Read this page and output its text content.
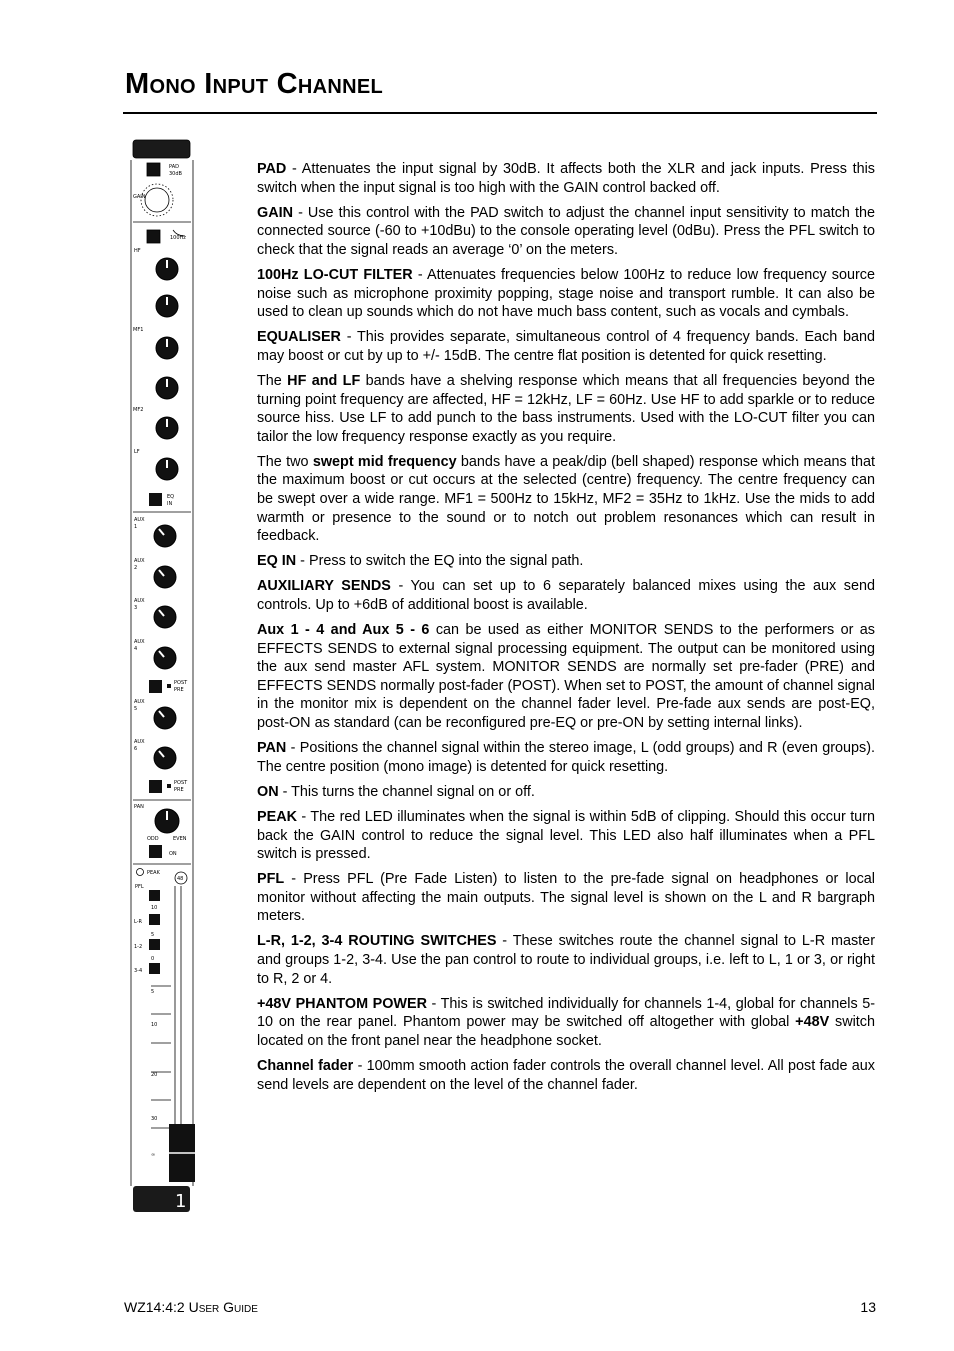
Mono Input Channel
PAD
30dB
GAIN
100Hz
HF
MF1
MF2
LF
EQ
IN
AUX
AUX
AUX
AUX
AUX
AUX
1
2
3
4
5
6
POST
PRE
POST
PRE
PAN
ODD	EVEN
ON
PEAK
PFL
48
L-R
1-2
3-4
10
5
0
5
10
20
30
∞
1

PAD - Attenuates the input signal by 30dB. It affects both the XLR and jack inputs. Press this switch when the input signal is too high with the GAIN control backed off.

GAIN - Use this control with the PAD switch to adjust the channel input sensitivity to match the connected source (-60 to +10dBu) to the console operating level (0dBu). Press the PFL switch to check that the signal reads an average ‘0’ on the meters.

100Hz LO-CUT FILTER - Attenuates frequencies below 100Hz to reduce low frequency source noise such as microphone proximity popping, stage noise and transport rumble. It can also be used to clean up sounds which do not have much bass content, such as vocals and cymbals.

EQUALISER - This provides separate, simultaneous control of 4 frequency bands. Each band may boost or cut by up to +/- 15dB. The centre flat position is detented for quick resetting.

The HF and LF bands have a shelving response which means that all frequencies beyond the turning point frequency are affected, HF = 12kHz, LF = 60Hz. Use HF to add sparkle or to reduce source hiss. Use LF to add punch to the bass instruments. Used with the LO-CUT filter you can tailor the low frequency response exactly as you require.

The two swept mid frequency bands have a peak/dip (bell shaped) response which means that the maximum boost or cut occurs at the selected (centre) frequency. The centre frequency can be swept over a wide range. MF1 = 500Hz to 15kHz, MF2 = 35Hz to 1kHz. Use the mids to add warmth or presence to the sound or to notch out problem resonances which can result in feedback.

EQ IN - Press to switch the EQ into the signal path.

AUXILIARY SENDS - You can set up to 6 separately balanced mixes using the aux send controls. Up to +6dB of additional boost is available.

Aux 1 - 4 and Aux 5 - 6 can be used as either MONITOR SENDS to the performers or as EFFECTS SENDS to external signal processing equipment. The output can be monitored using the aux send master AFL system. MONITOR SENDS are normally set pre-fader (PRE) and EFFECTS SENDS normally post-fader (POST). When set to POST, the amount of channel signal in the monitor mix is dependent on the channel fader level. Pre-fade aux sends are post-EQ, post-ON as standard (can be reconfigured pre-EQ or pre-ON by setting internal links).

PAN - Positions the channel signal within the stereo image, L (odd groups) and R (even groups). The centre position (mono image) is detented for quick resetting.

ON - This turns the channel signal on or off.

PEAK - The red LED illuminates when the signal is within 5dB of clipping. Should this occur turn back the GAIN control to reduce the signal level. This LED also half illuminates when a PFL switch is pressed.

PFL - Press PFL (Pre Fade Listen) to listen to the pre-fade signal on headphones or local monitor without affecting the main outputs. The signal level is shown on the L and R bargraph meters.

L-R, 1-2, 3-4 ROUTING SWITCHES - These switches route the channel signal to L-R master and groups 1-2, 3-4. Use the pan control to route to individual groups, i.e. left to L, 1 or 3, or right to R, 2 or 4.

+48V PHANTOM POWER - This is switched individually for channels 1-4, global for channels 5-10 on the rear panel. Phantom power may be switched off altogether with global +48V switch located on the front panel near the headphone socket.

Channel fader - 100mm smooth action fader controls the overall channel level. All post fade aux send levels are dependent on the level of the channel fader.

WZ14:4:2 User Guide	13
